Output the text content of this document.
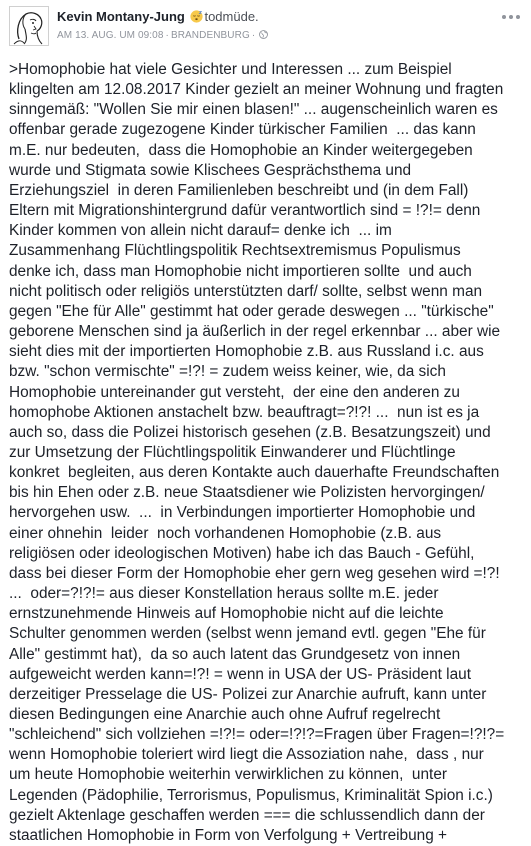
Kevin Montany-Jung todmüde.
AM 13. AUG. UM 09:08 · BRANDENBURG ·
>Homophobie hat viele Gesichter und Interessen ... zum Beispiel
klingelten am 12.08.2017 Kinder gezielt an meiner Wohnung und fragten
sinngemäß: "Wollen Sie mir einen blasen!" ... augenscheinlich waren es
offenbar gerade zugezogene Kinder türkischer Familien  ... das kann
m.E. nur bedeuten,  dass die Homophobie an Kinder weitergegeben
wurde und Stigmata sowie Klischees Gesprächsthema und
Erziehungsziel  in deren Familienleben beschreibt und (in dem Fall)
Eltern mit Migrationshintergrund dafür verantwortlich sind = !?!= denn
Kinder kommen von allein nicht darauf= denke ich  ... im
Zusammenhang Flüchtlingspolitik Rechtsextremismus Populismus
denke ich, dass man Homophobie nicht importieren sollte  und auch
nicht politisch oder religiös unterstützten darf/ sollte, selbst wenn man
gegen "Ehe für Alle" gestimmt hat oder gerade deswegen ... "türkische"
geborene Menschen sind ja äußerlich in der regel erkennbar ... aber wie
sieht dies mit der importierten Homophobie z.B. aus Russland i.c. aus
bzw. "schon vermischte" =!?! = zudem weiss keiner, wie, da sich
Homophobie untereinander gut versteht,  der eine den anderen zu
homophobe Aktionen anstachelt bzw. beauftragt=?!?! ...  nun ist es ja
auch so, dass die Polizei historisch gesehen (z.B. Besatzungszeit) und
zur Umsetzung der Flüchtlingspolitik Einwanderer und Flüchtlinge
konkret  begleiten, aus deren Kontakte auch dauerhafte Freundschaften
bis hin Ehen oder z.B. neue Staatsdiener wie Polizisten hervorgingen/
hervorgehen usw.  ...  in Verbindungen importierter Homophobie und
einer ohnehin  leider  noch vorhandenen Homophobie (z.B. aus
religiösen oder ideologischen Motiven) habe ich das Bauch - Gefühl,
dass bei dieser Form der Homophobie eher gern weg gesehen wird =!?!
...  oder=?!?!= aus dieser Konstellation heraus sollte m.E. jeder
ernstzunehmende Hinweis auf Homophobie nicht auf die leichte
Schulter genommen werden (selbst wenn jemand evtl. gegen "Ehe für
Alle" gestimmt hat),  da so auch latent das Grundgesetz von innen
aufgeweicht werden kann=!?! = wenn in USA der US- Präsident laut
derzeitiger Presselage die US- Polizei zur Anarchie aufruft, kann unter
diesen Bedingungen eine Anarchie auch ohne Aufruf regelrecht
"schleichend" sich vollziehen =!?!= oder=!?!?=Fragen über Fragen=!?!?=
wenn Homophobie toleriert wird liegt die Assoziation nahe,  dass , nur
um heute Homophobie weiterhin verwirklichen zu können,  unter
Legenden (Pädophilie, Terrorismus, Populismus, Kriminalität Spion i.c.)
gezielt Aktenlage geschaffen werden === die schlussendlich dann der
staatlichen Homophobie in Form von Verfolgung + Vertreibung +
